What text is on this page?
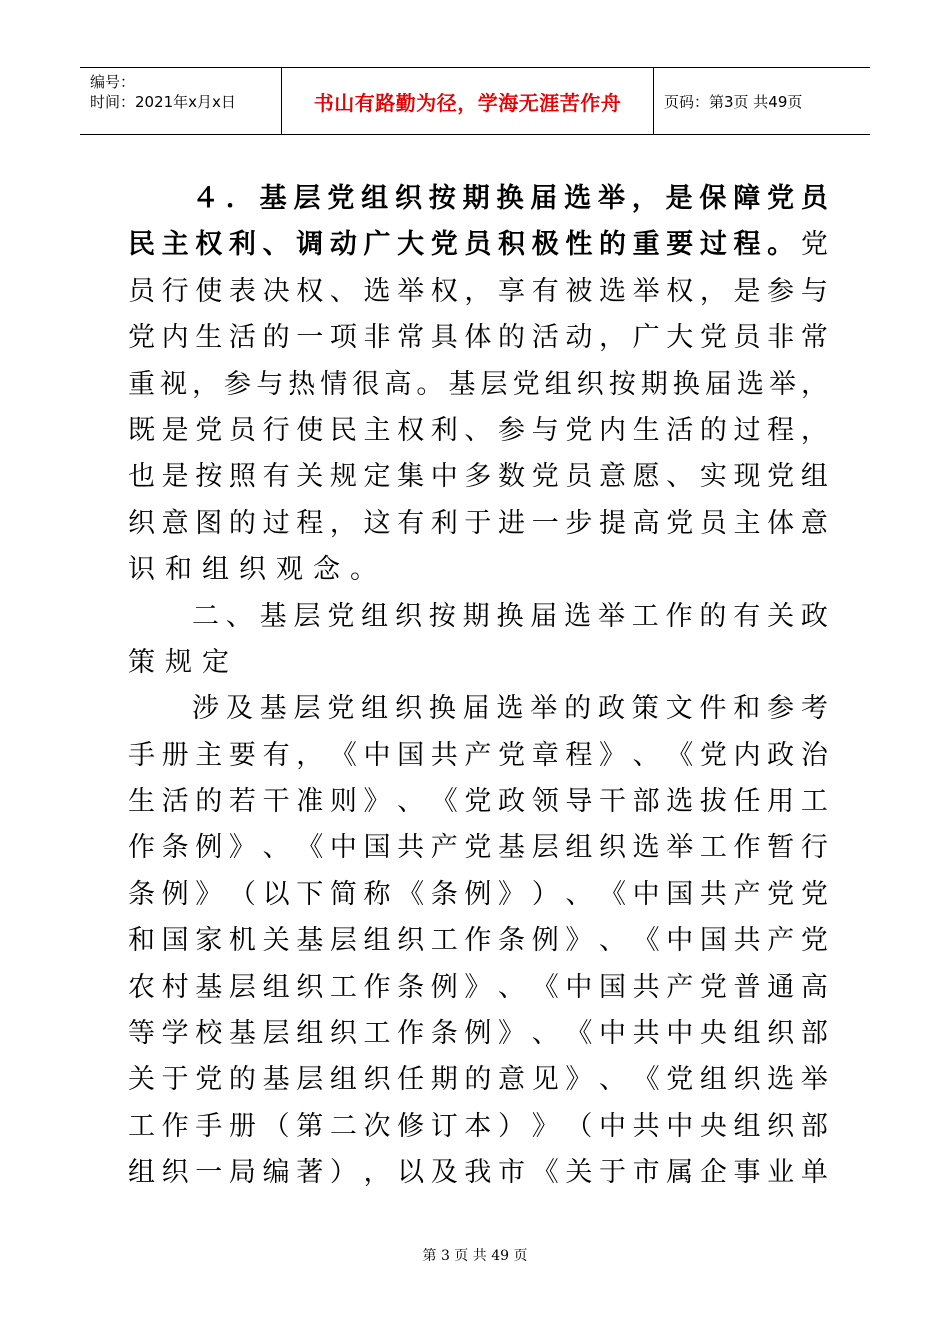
编号：
时间：2021年x月x日	书山有路勤为径，学海无涯苦作舟	页码：第3页 共49页
４ ． 基 层 党 组 织 按 期 换 届 选 举 ， 是 保 障 党 员
民 主 权 利 、 调 动 广 大 党 员 积 极 性 的 重 要 过 程 。 党
员 行 使 表 决 权 、 选 举 权 ， 享 有 被 选 举 权 ， 是 参 与
党 内 生 活 的 一 项 非 常 具 体 的 活 动 ， 广 大 党 员 非 常
重 视 ， 参 与 热 情 很 高 。 基 层 党 组 织 按 期 换 届 选 举 ，
既 是 党 员 行 使 民 主 权 利 、 参 与 党 内 生 活 的 过 程 ，
也 是 按 照 有 关 规 定 集 中 多 数 党 员 意 愿 、 实 现 党 组
织 意 图 的 过 程 ， 这 有 利 于 进 一 步 提 高 党 员 主 体 意
识和组织观念。
二 、 基 层 党 组 织 按 期 换 届 选 举 工 作 的 有 关 政
策规定
涉 及 基 层 党 组 织 换 届 选 举 的 政 策 文 件 和 参 考
手 册 主 要 有 ， 《 中 国 共 产 党 章 程 》 、 《 党 内 政 治
生 活 的 若 干 准 则 》 、 《 党 政 领 导 干 部 选 拔 任 用 工
作 条 例 》 、 《 中 国 共 产 党 基 层 组 织 选 举 工 作 暂 行
条 例 》 （ 以 下 简 称 《 条 例 》 ） 、 《 中 国 共 产 党 党
和 国 家 机 关 基 层 组 织 工 作 条 例 》 、 《 中 国 共 产 党
农 村 基 层 组 织 工 作 条 例 》 、 《 中 国 共 产 党 普 通 高
等 学 校 基 层 组 织 工 作 条 例 》 、 《 中 共 中 央 组 织 部
关 于 党 的 基 层 组 织 任 期 的 意 见 》 、 《 党 组 织 选 举
工 作 手 册 （ 第 二 次 修 订 本 ） 》 （ 中 共 中 央 组 织 部
组 织 一 局 编 著 ） ， 以 及 我 市 《 关 于 市 属 企 事 业 单
第 3 页 共 49 页
